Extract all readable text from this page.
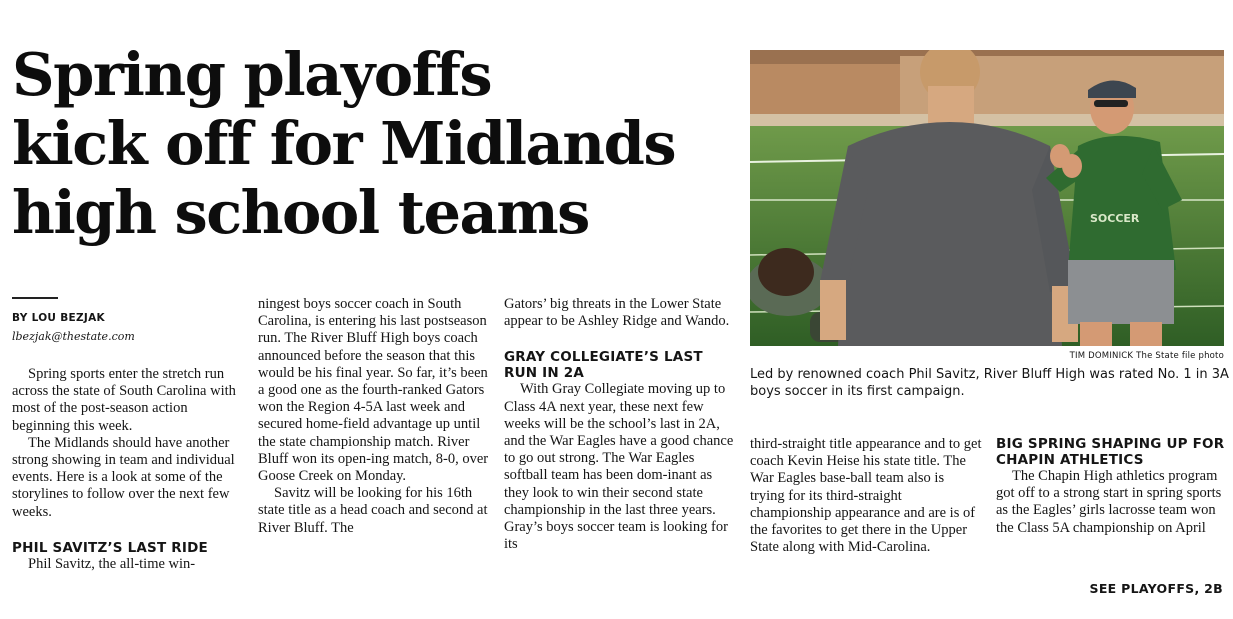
Spring playoffs
kick off for Midlands
high school teams
BY LOU BEZJAK
lbezjak@thestate.com

Spring sports enter the stretch run across the state of South Carolina with most of the post-season action beginning this week.

The Midlands should have another strong showing in team and individual events. Here is a look at some of the storylines to follow over the next few weeks.

PHIL SAVITZ’S LAST RIDE

Phil Savitz, the all-time win-

ningest boys soccer coach in South Carolina, is entering his last postseason run. The River Bluff High boys coach announced before the season that this would be his final year. So far, it’s been a good one as the fourth-ranked Gators won the Region 4-5A last week and secured home-field advantage up until the state championship match. River Bluff won its open-ing match, 8-0, over Goose Creek on Monday.

Savitz will be looking for his 16th state title as a head coach and second at River Bluff. The

Gators’ big threats in the Lower State appear to be Ashley Ridge and Wando.

GRAY COLLEGIATE’S LAST RUN IN 2A

With Gray Collegiate moving up to Class 4A next year, these next few weeks will be the school’s last in 2A, and the War Eagles have a good chance to go out strong. The War Eagles softball team has been dom-inant as they look to win their second state championship in the last three years. Gray’s boys soccer team is looking for its

third-straight title appearance and to get coach Kevin Heise his state title. The War Eagles base-ball team also is trying for its third-straight championship appearance and are is of the favorites to get there in the Upper State along with Mid-Carolina.

BIG SPRING SHAPING UP FOR CHAPIN ATHLETICS

The Chapin High athletics program got off to a strong start in spring sports as the Eagles’ girls lacrosse team won the Class 5A championship on April

SOCCER
TIM DOMINICK The State file photo
Led by renowned coach Phil Savitz, River Bluff High was rated No. 1 in 3A boys soccer in its first campaign.
SEE PLAYOFFS, 2B
